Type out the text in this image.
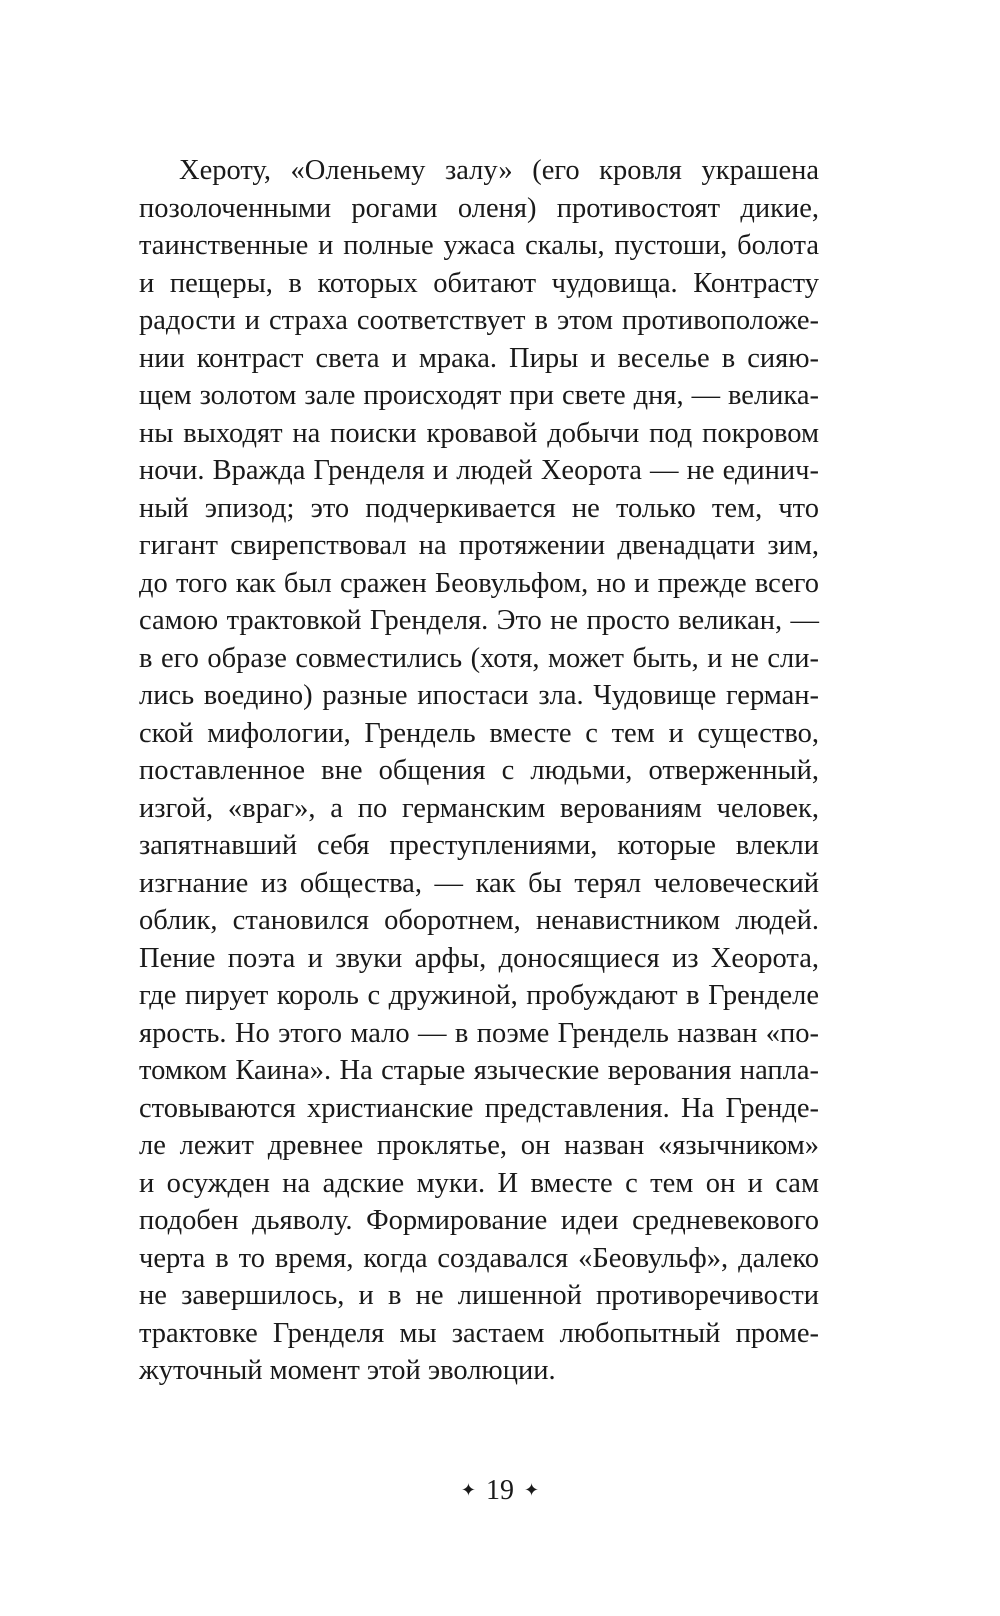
Хероту, «Оленьему залу» (его кровля украшена
позолоченными рогами оленя) противостоят дикие,
таинственные и полные ужаса скалы, пустоши, болота
и пещеры, в которых обитают чудовища. Контрасту
радости и страха соответствует в этом противоположе-
нии контраст света и мрака. Пиры и веселье в сияю-
щем золотом зале происходят при свете дня, — велика-
ны выходят на поиски кровавой добычи под покровом
ночи. Вражда Гренделя и людей Хеорота — не единич-
ный эпизод; это подчеркивается не только тем, что
гигант свирепствовал на протяжении двенадцати зим,
до того как был сражен Беовульфом, но и прежде всего
самою трактовкой Гренделя. Это не просто великан, —
в его образе совместились (хотя, может быть, и не сли-
лись воедино) разные ипостаси зла. Чудовище герман-
ской мифологии, Грендель вместе с тем и существо,
поставленное вне общения с людьми, отверженный,
изгой, «враг», а по германским верованиям человек,
запятнавший себя преступлениями, которые влекли
изгнание из общества, — как бы терял человеческий
облик, становился оборотнем, ненавистником людей.
Пение поэта и звуки арфы, доносящиеся из Хеорота,
где пирует король с дружиной, пробуждают в Гренделе
ярость. Но этого мало — в поэме Грендель назван «по-
томком Каина». На старые языческие верования напла-
стовываются христианские представления. На Гренде-
ле лежит древнее проклятье, он назван «язычником»
и осужден на адские муки. И вместе с тем он и сам
подобен дьяволу. Формирование идеи средневекового
черта в то время, когда создавался «Беовульф», далеко
не завершилось, и в не лишенной противоречивости
трактовке Гренделя мы застаем любопытный проме-
жуточный момент этой эволюции.
✦ 19 ✦
